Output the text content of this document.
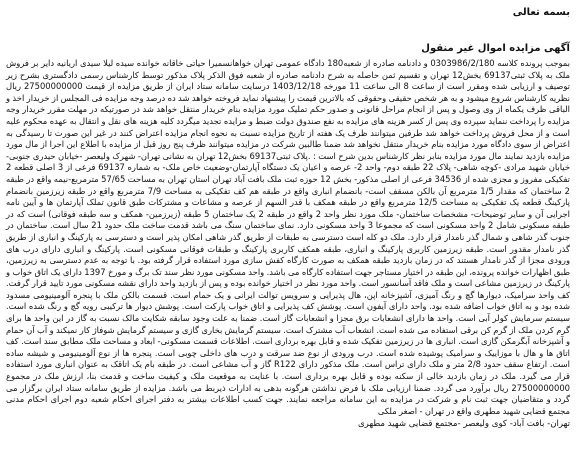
بسمه تعالی

آگهی مزایده اموال غیر منقول

بموجب پرونده کلاسه 0303986/2/180 و دادنامه صادره از شعبه180 دادگاه عمومی تهران خواهانسمیرا حیاتی خاقانه خوانده سیده لیلا سیدی اریانیه دایر بر فروش ملک به پلاک ثبتی69137 بخش12 تهران و تقسیم ثمن حاصله به شرح دادنامه صادره از شعبه فوق الذکر پلاک مذکور توسط کارشناس رسمی دادگستری بشرح زیر توصیف و ارزیابی شده ومقرر است از ساعت 8 الی ساعت 11 مورخه 1403/12/18 درسایت سامانه ستاد ایران از طریق مزایده از قیمت 27500000000 ریال نظریه کارشناس شروع میشود و به هر شخص حقیقی وحقوقی که بالاترین قیمت را پیشنهاد نماید فروخته خواهد شد ده درصد وجه مزایده فی المجلس از خریدار اخذ و الباقی ظرف یکماه از وی وصول و پس از انجام مراحل قانونی و صدور حکم تملیک مورد مزایده بنام خریدار منتقل خواهد شد در صورتیکه در مهلت مقرر خریدار وجه مزایده را پرداخت ننماید سپرده وی پس از کسر هزینه های مزایده به نفع صندوق دولت ضبط و مزایده تجدید میگردد کلیه هزینه های نقل و انتقال به عهده محکوم علیه است و از محل فروش پرداخت خواهد شد طرفین میتوانند ظرف یک هفته از تاریخ مزایده نسبت به نحوه انجام مزایده اعتراض کنند در غیر این صورت تا رسیدگی به اعتراض از سوی دادگاه مورد مزایده بنام خریدار منتقل نخواهد شد ضمنا طالبین شرکت در مزایده میتوانند ظرف پنج روز قبل از مزایده با اطلاع این اجرا از مال مورد مزایده بازدید نمایند مال مورد مزایده بنابر نظر کارشناس بدین شرح است : .پلاک ثبتی69137 بخش12 تهران به نشانی تهران- شهرک ولیعصر -خیابان حیدری جنوبی- خیابان شهید مرادی -کوچه شاهی- پلاک 22 طبقه دوم- واحد 2- عرصه و اعیان یک دستگاه آپارتمان-وضعیت خاص ملک- به شماره 69137 فرعی از 3 اصلی قطعه 2 تفکیکی مفروز و مجزی شده از 34536 فرعی از اصلی مذکور- بخش 12 حوزه ثبت ملک بافت آباد تهران استان تهران به مساحت 57/65 مترمربع-نیمه واقع در طبقه 2 ساختمان که مقدار 1/5 مترمربع آن بالکن مسقف است- بانضمام انباری واقع در طبقه هم کف تفکیکی به مساحت 7/9 مترمربع واقع در طبقه زیرزمین بانضمام پارکینگ قطعه یک تفکیکی به مساحت 12/5 مترمربع واقع در طبقه همکف با قدر السهم از عرصه و مشاعات و مشترکات طبق قانون تملک آپارتمان ها و آیین نامه اجرایی آن و سایر توضیحات- مشخصات ساختمان- ملک مورد نظر واحد 2 واقع در طبقه 2 یک ساختمان 5 طبقه (زیرزمین- همکف و سه طبقه فوقانی) است که در طبقه مسکونی شامل 2 واحد مسکونی است که مجموعا 3 واحد مسکونی دارد. نمای ساختمان سنگ می باشد قدمت ساخت ملک حدود 21 سال است. ساختمان در جنوب گذر شاهی و شمال گذر نامدار قرار دارد. ملک دو کله است دسترسی به طبقات از طریق گذر شاهی امکان پذیر است و دسترسی به پارکینگ و انباری از طریق گذر نامدار مقدور است. طبقه زیرزمین کاربری پارکینگ و انباری، طبقه همکف کاربری پارکینگ و طبقات فوقانی مسکونی است. پارکینگ و انباری دارای درب های ورودی مجزا از گذر نامدار هستند که در زمان بازدید طبقه همکف به صورت کارگاه کفش سازی مورد استفاده قرار گرفته بود. با توجه به عدم دسترسی به زیرزمین، طبق اظهارات خوانده پرونده، این طبقه در اختیار مستاجر جهت استفاده کارگاه می باشد. واحد مسکونی مورد نظر سند تک برگ و مورخ 1397 دارای یک اتاق خواب و پارکینگ در زیرزمین مشاعی است و ملک فاقد آسانسور است. واحد مورد نظر در اختیار خوانده بوده و پس از بازدید واحد دارای نقشه مسکونی مورد تایید قرار گرفت. کف واحد سرامیک، دیوارها گچ و رنگ آمیزی، آشپزخانه اپن، هال پذیرایی و سرویس توالت ایرانی و یک حمام است. قسمت بالکن ملک با پنجره آلومینیومی مسدود شده بود و به اتاق خواب اضافه شده بود. واحد دارای آیفون است. پوشش کف پذیرایی و اتاق خواب پارکت است. پوشش دیوار ها ترکیبی رویه گچ و رنگ شده است. سیستم سرمایش کولر آبی است. واحد ها دارای انشعابات برق مجزا و انشعابات گاز است. ضمنا به علت وجود سابقه شکایت مالک نسبت به گاز در این واحد ها برای گرم کردن ملک از گرم کن برقی استفاده می شده است. انشعاب آب مشترک است. سیستم گرمایش بخاری گازی و سیستم گرمایش شوفاژ کار نمیکند و آب آن حمام و آشپزخانه آبگرمکن گازی است. انباری ها در زیرزمین تفکیک شده و قابل بهره برداری است. اطلاعات قسمت مسکونی- ابعاد و مساحت ملک مطابق سند است. کف اتاق ها و هال با موزاییک و سرامیک پوشیده شده است. درب ورودی از نوع ضد سرقت و درب های داخلی چوبی است. پنجره ها از نوع آلومینیومی و شیشه ساده است. ارتفاع سقف حدود 2/8 متر و ملک دارای تراس است. ملک مذکور دارای R122 گاز و آب مشاعی است. در طبقه بام یک اتاقک به عنوان انباری مورد استفاده قرار می گیرد. ملک در زمان بازدید خالی از سکنه بوده و قابل بهره برداری است. با عنایت به موقعیت ملک و کیفیت ساخت و قدمت بنا، ارزش ملک در مجموع 27500000000 ریال برآورد می گردد. ضمنا ارزیابی ملک با فرض نداشتن هرگونه بدهی به ادارات ذیربط می باشد. مزایده از طریق سامانه ستاد ایران برگزار می گردد و متقاضیان جهت ثبت نام و شرکت در مزایده به این سامانه مراجعه نمایند. جهت کسب اطلاعات بیشتر به دفتر اجرای احکام شعبه دوم اجرای احکام مدنی مجتمع قضایی شهید مطهری واقع در تهران - اصغر ملکی

تهران- بافت آباد- کوی ولیعصر -مجتمع قضایی شهید مطهری
